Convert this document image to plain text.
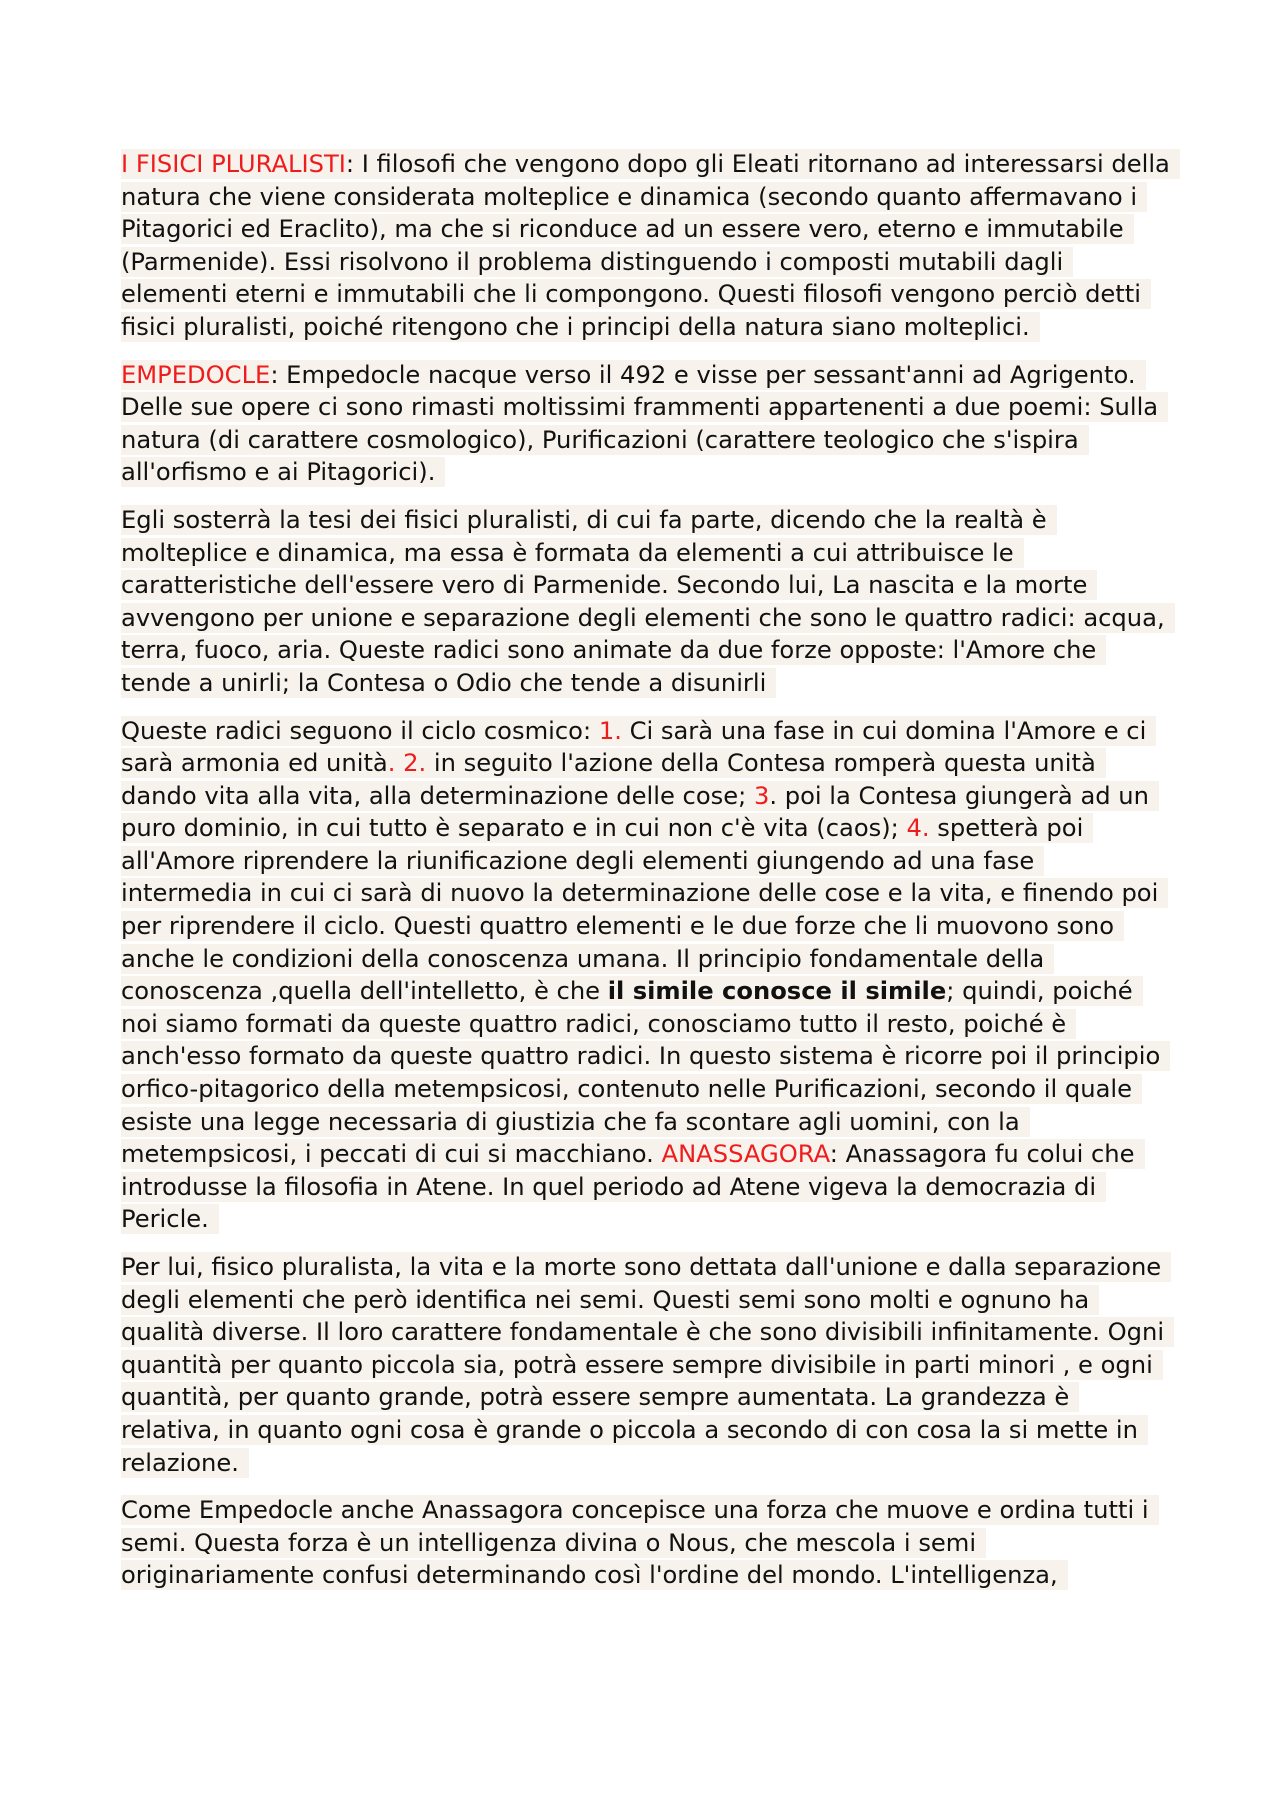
I FISICI PLURALISTI: I filosofi che vengono dopo gli Eleati ritornano ad interessarsi della natura che viene considerata molteplice e dinamica (secondo quanto affermavano i Pitagorici ed Eraclito), ma che si riconduce ad un essere vero, eterno e immutabile (Parmenide). Essi risolvono il problema distinguendo i composti mutabili dagli elementi eterni e immutabili che li compongono. Questi filosofi vengono perciò detti fisici pluralisti, poiché ritengono che i principi della natura siano molteplici.

EMPEDOCLE: Empedocle nacque verso il 492 e visse per sessant'anni ad Agrigento. Delle sue opere ci sono rimasti moltissimi frammenti appartenenti a due poemi: Sulla natura (di carattere cosmologico), Purificazioni (carattere teologico che s'ispira all'orfismo e ai Pitagorici).

Egli sosterrà la tesi dei fisici pluralisti, di cui fa parte, dicendo che la realtà è molteplice e dinamica, ma essa è formata da elementi a cui attribuisce le caratteristiche dell'essere vero di Parmenide. Secondo lui, La nascita e la morte avvengono per unione e separazione degli elementi che sono le quattro radici: acqua, terra, fuoco, aria. Queste radici sono animate da due forze opposte: l'Amore che tende a unirli; la Contesa o Odio che tende a disunirli

Queste radici seguono il ciclo cosmico: 1. Ci sarà una fase in cui domina l'Amore e ci sarà armonia ed unità. 2. in seguito l'azione della Contesa romperà questa unità dando vita alla vita, alla determinazione delle cose; 3. poi la Contesa giungerà ad un puro dominio, in cui tutto è separato e in cui non c'è vita (caos); 4. spetterà poi all'Amore riprendere la riunificazione degli elementi giungendo ad una fase intermedia in cui ci sarà di nuovo la determinazione delle cose e la vita, e finendo poi per riprendere il ciclo. Questi quattro elementi e le due forze che li muovono sono anche le condizioni della conoscenza umana. Il principio fondamentale della conoscenza ,quella dell'intelletto, è che il simile conosce il simile; quindi, poiché noi siamo formati da queste quattro radici, conosciamo tutto il resto, poiché è anch'esso formato da queste quattro radici. In questo sistema è ricorre poi il principio orfico-pitagorico della metempsicosi, contenuto nelle Purificazioni, secondo il quale esiste una legge necessaria di giustizia che fa scontare agli uomini, con la metempsicosi, i peccati di cui si macchiano. ANASSAGORA: Anassagora fu colui che introdusse la filosofia in Atene. In quel periodo ad Atene vigeva la democrazia di Pericle.

Per lui, fisico pluralista, la vita e la morte sono dettata dall'unione e dalla separazione degli elementi che però identifica nei semi. Questi semi sono molti e ognuno ha qualità diverse. Il loro carattere fondamentale è che sono divisibili infinitamente. Ogni quantità per quanto piccola sia, potrà essere sempre divisibile in parti minori , e ogni quantità, per quanto grande, potrà essere sempre aumentata. La grandezza è relativa, in quanto ogni cosa è grande o piccola a secondo di con cosa la si mette in relazione.

Come Empedocle anche Anassagora concepisce una forza che muove e ordina tutti i semi. Questa forza è un intelligenza divina o Nous, che mescola i semi originariamente confusi determinando così l'ordine del mondo. L'intelligenza,
